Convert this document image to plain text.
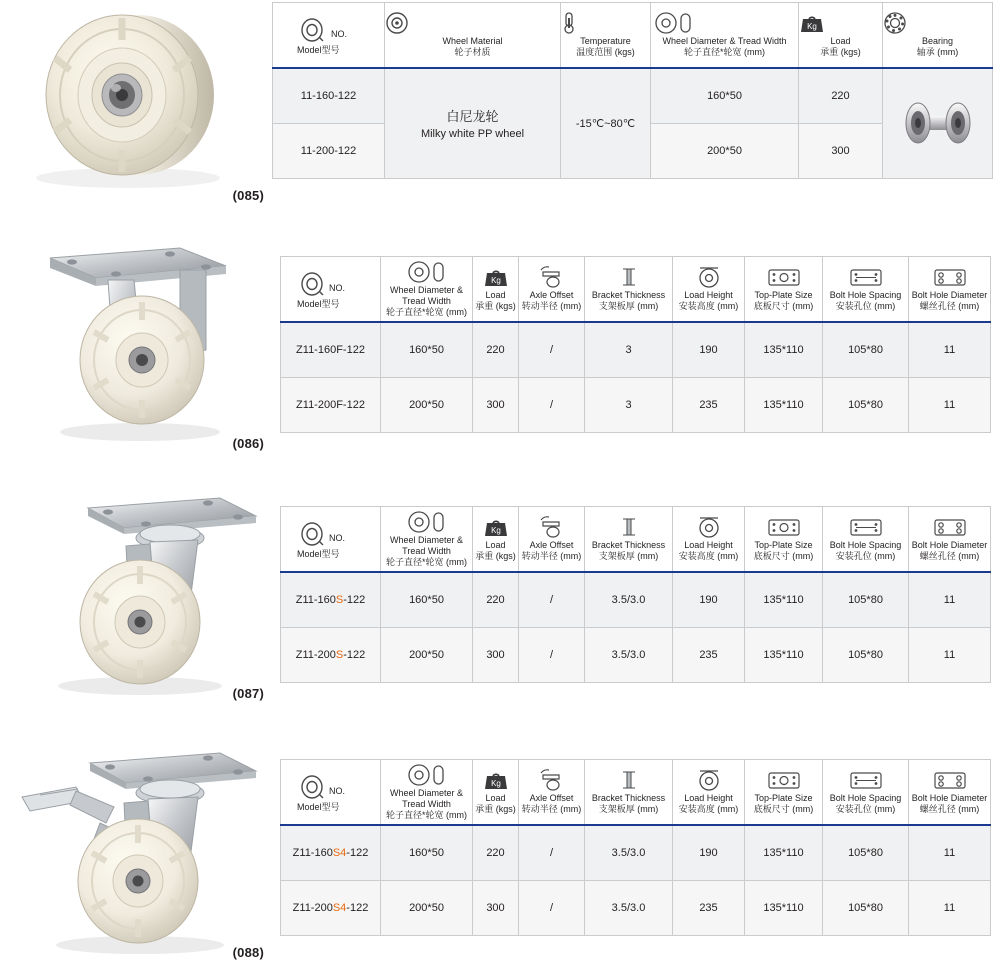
(085)
NO.
Model型号	Wheel Material
轮子材质	Temperature
温度范围 (kgs)	Wheel Diameter & Tread Width
轮子直径*轮宽 (mm)	Kg
Load
承重 (kgs)	Bearing
轴承 (mm)

11-160-122	白尼龙轮
Milky white PP wheel	-15℃~80℃	160*50	220	

11-200-122			200*50	300	
(086)
NO.
Model型号	Wheel Diameter & Tread Width
轮子直径*轮宽 (mm)	Kg
Load
承重 (kgs)	Axle Offset
转动半径 (mm)	Bracket Thickness
支架板厚 (mm)	Load Height
安装高度 (mm)	Top-Plate Size
底板尺寸 (mm)	Bolt Hole Spacing
安装孔位 (mm)	Bolt Hole Diameter
螺丝孔径 (mm)

Z11-160F-122	160*50	220	/	3	190	135*110	105*80	11
Z11-200F-122	200*50	300	/	3	235	135*110	105*80	11
(087)
NO.
Model型号	Wheel Diameter & Tread Width
轮子直径*轮宽 (mm)	Kg
Load
承重 (kgs)	Axle Offset
转动半径 (mm)	Bracket Thickness
支架板厚 (mm)	Load Height
安装高度 (mm)	Top-Plate Size
底板尺寸 (mm)	Bolt Hole Spacing
安装孔位 (mm)	Bolt Hole Diameter
螺丝孔径 (mm)

Z11-160S-122	160*50	220	/	3.5/3.0	190	135*110	105*80	11
Z11-200S-122	200*50	300	/	3.5/3.0	235	135*110	105*80	11
(088)
NO.
Model型号	Wheel Diameter & Tread Width
轮子直径*轮宽 (mm)	Kg
Load
承重 (kgs)	Axle Offset
转动半径 (mm)	Bracket Thickness
支架板厚 (mm)	Load Height
安装高度 (mm)	Top-Plate Size
底板尺寸 (mm)	Bolt Hole Spacing
安装孔位 (mm)	Bolt Hole Diameter
螺丝孔径 (mm)

Z11-160S4-122	160*50	220	/	3.5/3.0	190	135*110	105*80	11
Z11-200S4-122	200*50	300	/	3.5/3.0	235	135*110	105*80	11
